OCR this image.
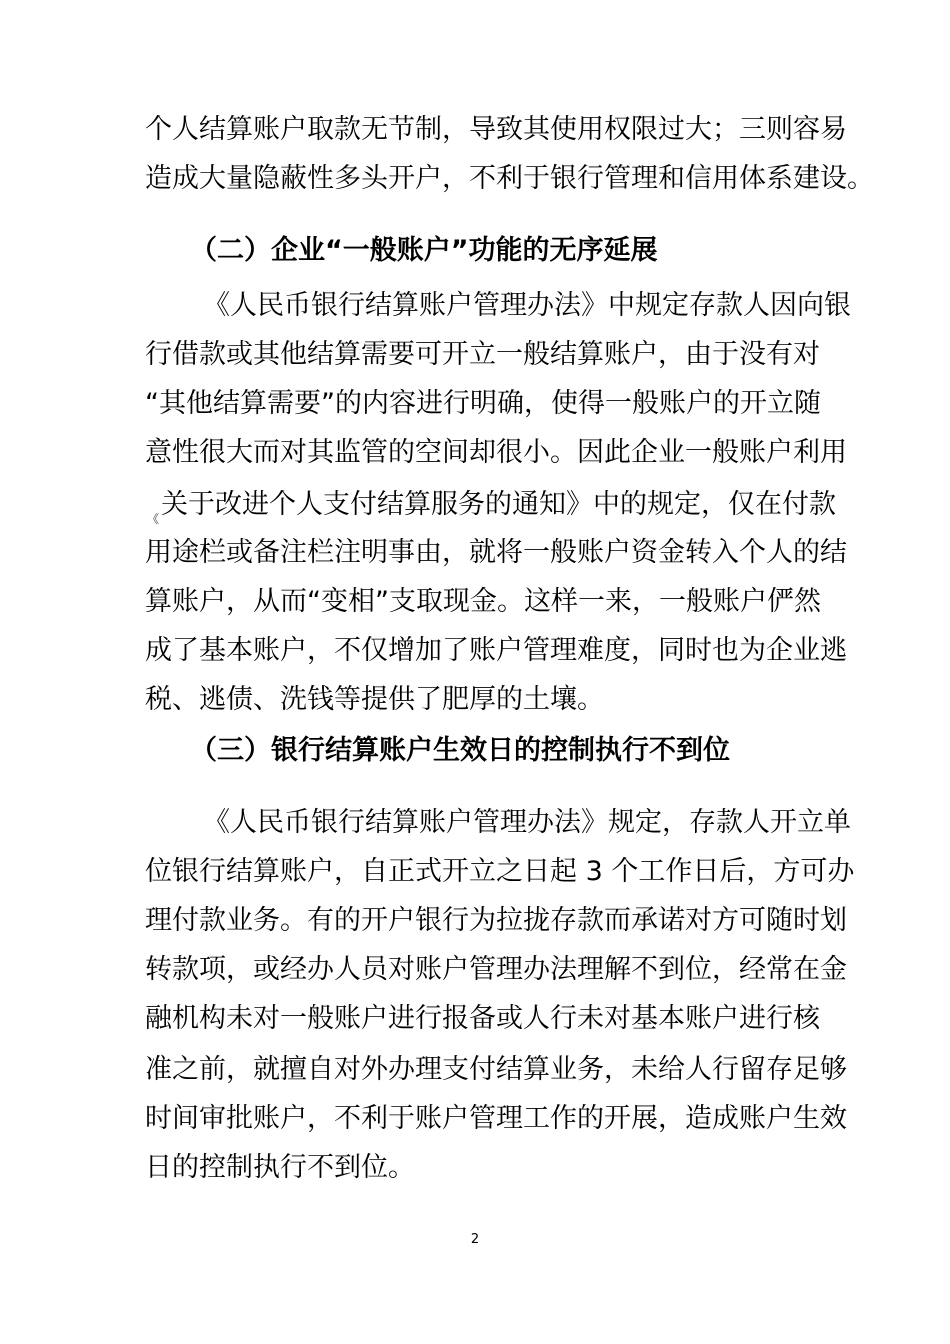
个人结算账户取款无节制，导致其使用权限过大；三则容易
造成大量隐蔽性多头开户，不利于银行管理和信用体系建设。
（二）企业“一般账户”功能的无序延展
《人民币银行结算账户管理办法》中规定存款人因向银
行借款或其他结算需要可开立一般结算账户，由于没有对
“其他结算需要”的内容进行明确，使得一般账户的开立随
意性很大而对其监管的空间却很小。因此企业一般账户利用
《 关于改进个人支付结算服务的通知》中的规定，仅在付款
用途栏或备注栏注明事由，就将一般账户资金转入个人的结
算账户，从而“变相”支取现金。这样一来，一般账户俨然
成了基本账户，不仅增加了账户管理难度，同时也为企业逃
税、逃债、洗钱等提供了肥厚的土壤。
（三）银行结算账户生效日的控制执行不到位
《人民币银行结算账户管理办法》规定，存款人开立单
位银行结算账户，自正式开立之日起 3 个工作日后，方可办
理付款业务。有的开户银行为拉拢存款而承诺对方可随时划
转款项，或经办人员对账户管理办法理解不到位，经常在金
融机构未对一般账户进行报备或人行未对基本账户进行核
准之前，就擅自对外办理支付结算业务，未给人行留存足够
时间审批账户，不利于账户管理工作的开展，造成账户生效
日的控制执行不到位。
2
